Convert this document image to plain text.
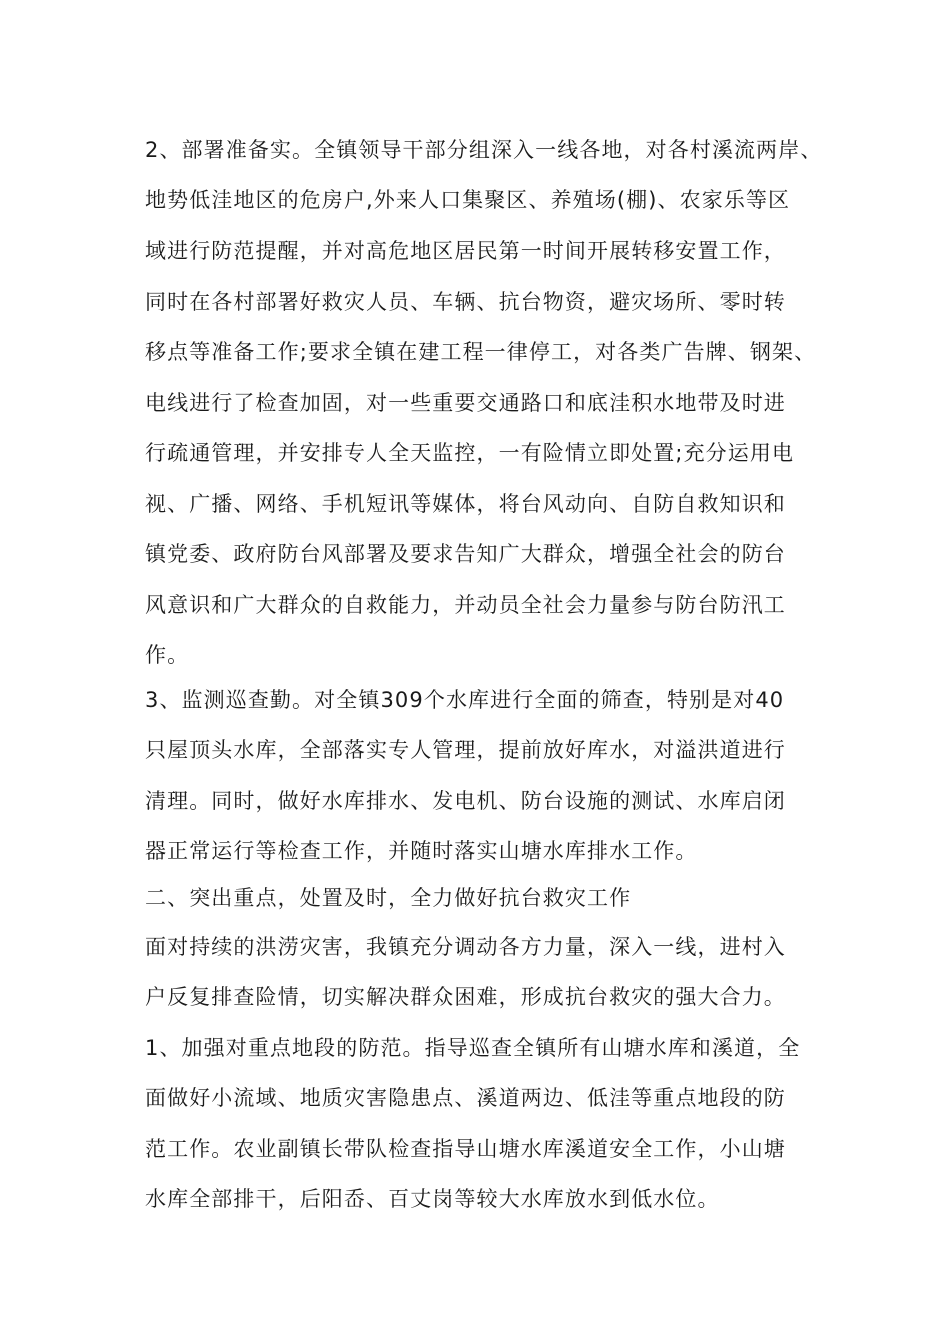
2、部署准备实。全镇领导干部分组深入一线各地，对各村溪流两岸、
地势低洼地区的危房户,外来人口集聚区、养殖场(棚)、农家乐等区
域进行防范提醒，并对高危地区居民第一时间开展转移安置工作，
同时在各村部署好救灾人员、车辆、抗台物资，避灾场所、零时转
移点等准备工作;要求全镇在建工程一律停工，对各类广告牌、钢架、
电线进行了检查加固，对一些重要交通路口和底洼积水地带及时进
行疏通管理，并安排专人全天监控，一有险情立即处置;充分运用电
视、广播、网络、手机短讯等媒体，将台风动向、自防自救知识和
镇党委、政府防台风部署及要求告知广大群众，增强全社会的防台
风意识和广大群众的自救能力，并动员全社会力量参与防台防汛工
作。
3、监测巡查勤。对全镇309个水库进行全面的筛查，特别是对40
只屋顶头水库，全部落实专人管理，提前放好库水，对溢洪道进行
清理。同时，做好水库排水、发电机、防台设施的测试、水库启闭
器正常运行等检查工作，并随时落实山塘水库排水工作。
二、突出重点，处置及时，全力做好抗台救灾工作
面对持续的洪涝灾害，我镇充分调动各方力量，深入一线，进村入
户反复排查险情，切实解决群众困难，形成抗台救灾的强大合力。
1、加强对重点地段的防范。指导巡查全镇所有山塘水库和溪道，全
面做好小流域、地质灾害隐患点、溪道两边、低洼等重点地段的防
范工作。农业副镇长带队检查指导山塘水库溪道安全工作，小山塘
水库全部排干，后阳岙、百丈岗等较大水库放水到低水位。
